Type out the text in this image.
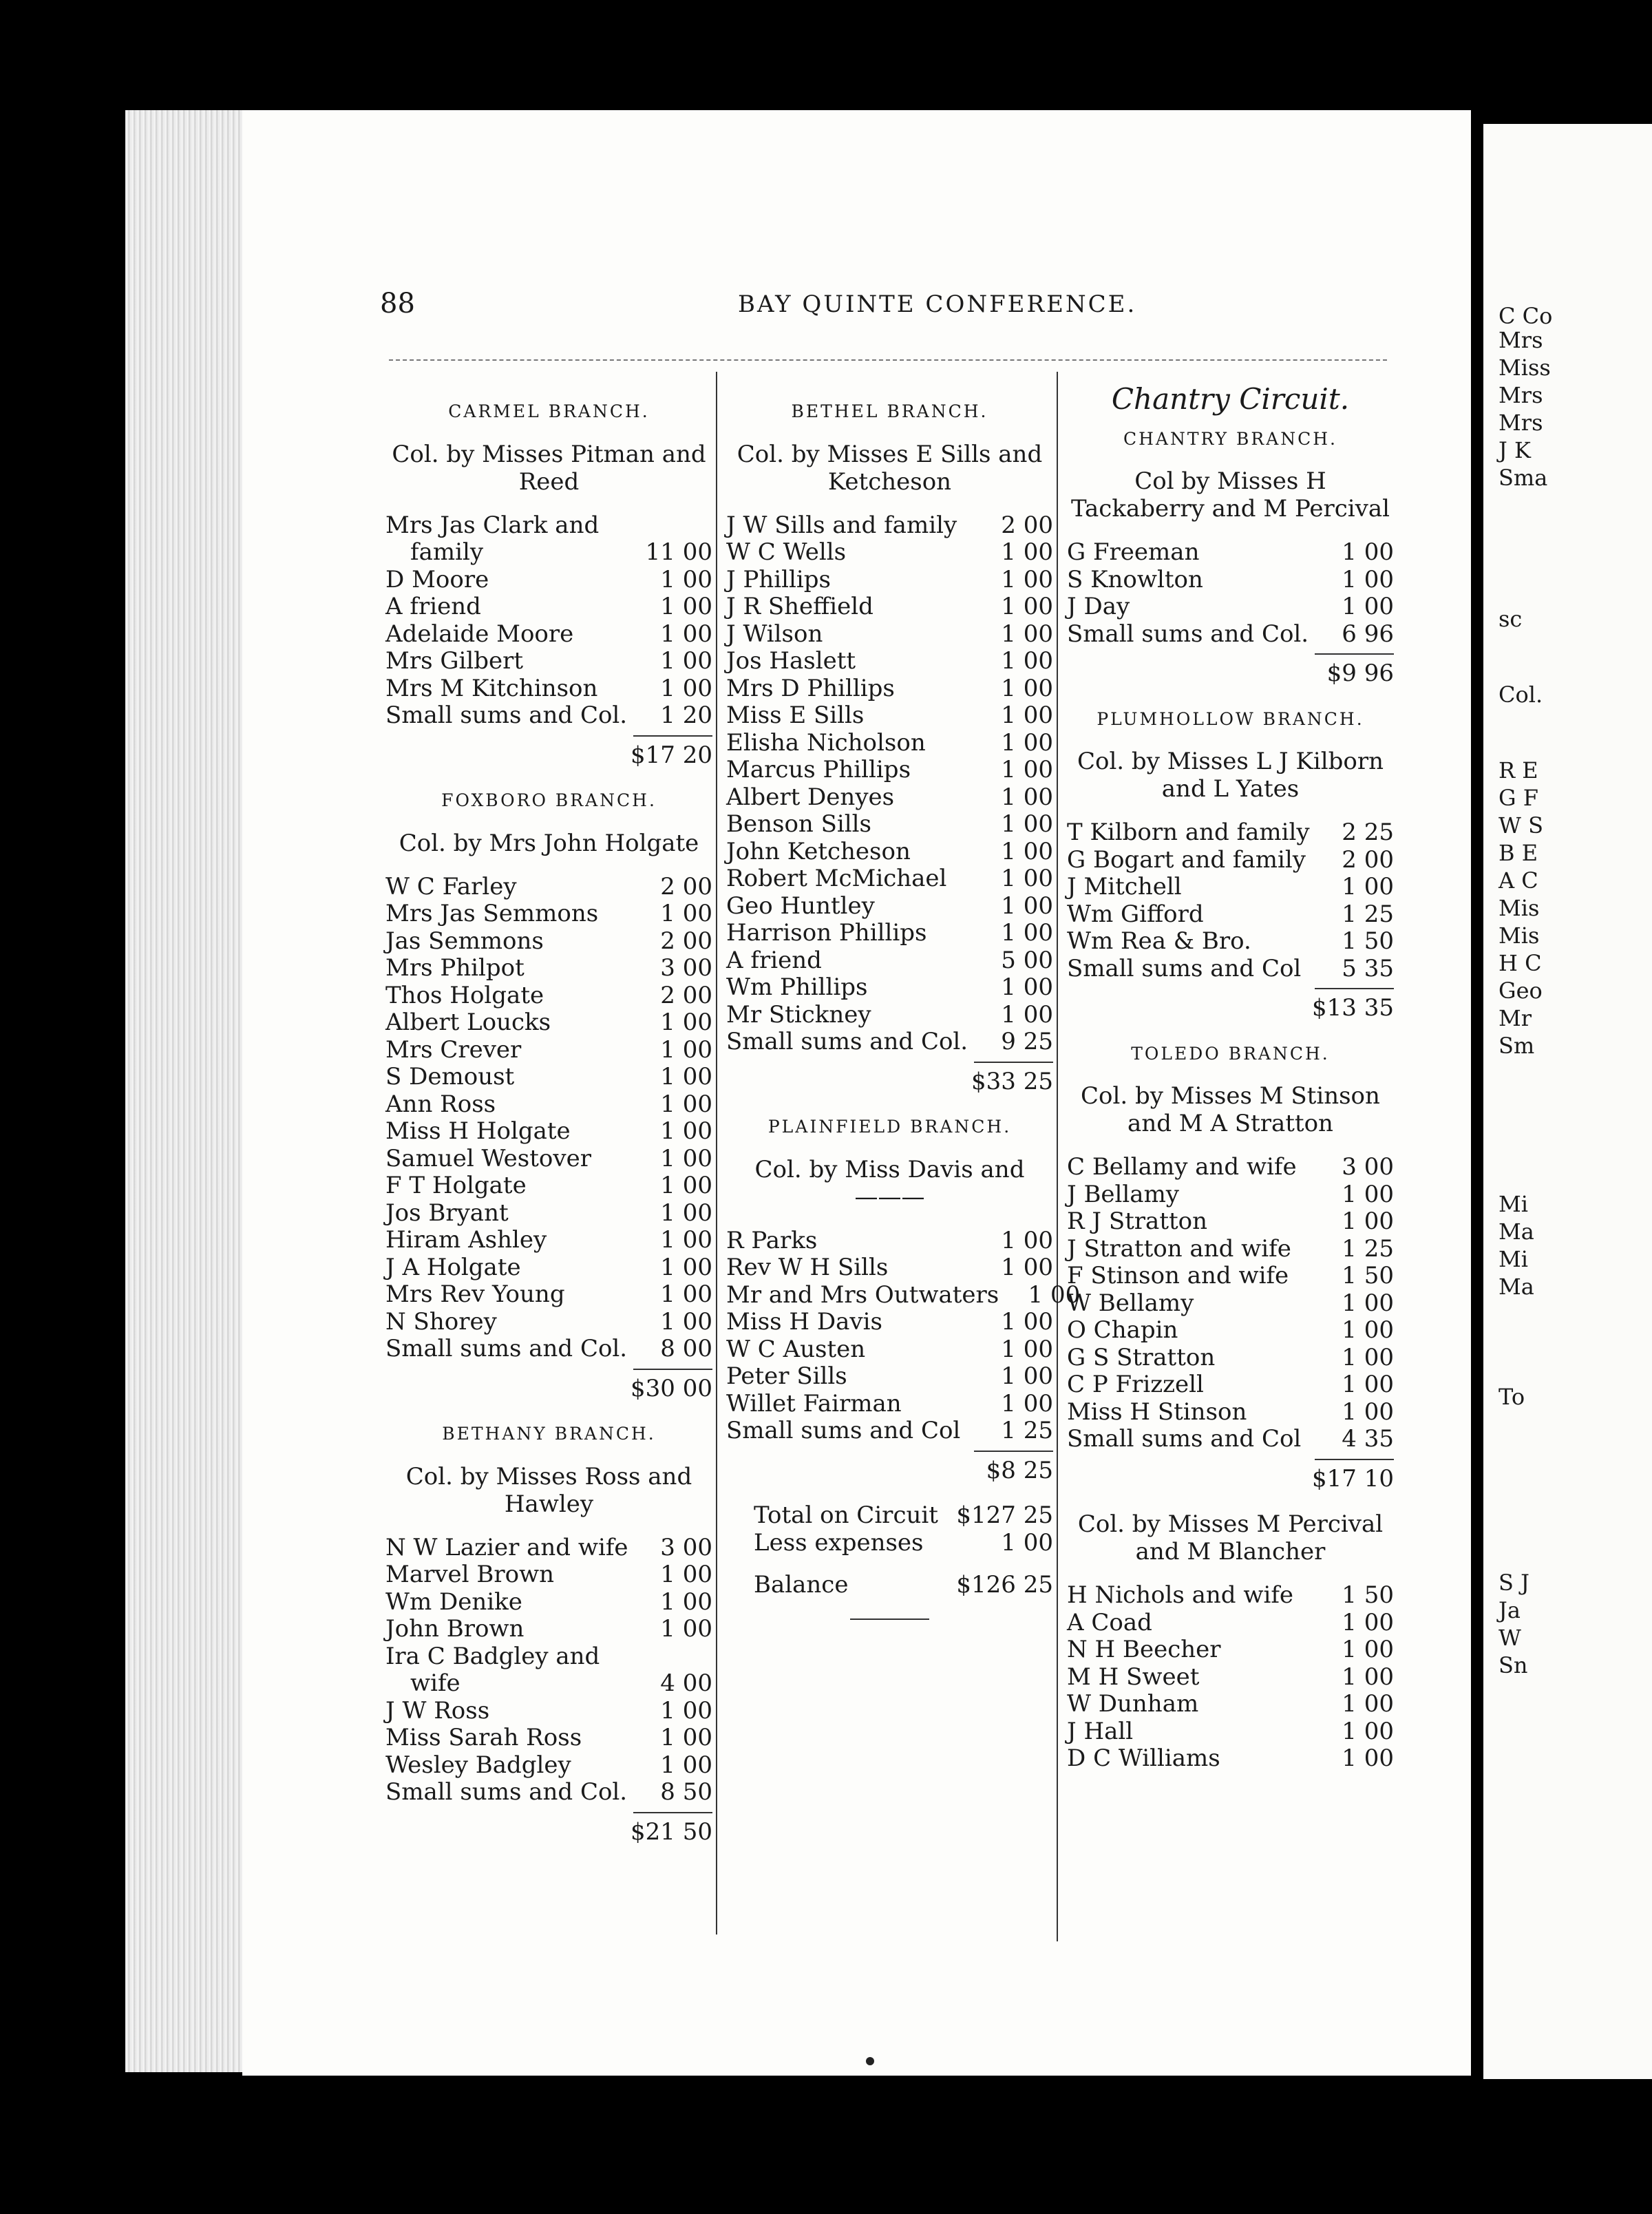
C Co
Mrs
Miss
Mrs
Mrs
J K
Sma
sc
Col.
R E
G F
W S
B E
A C
Mis
Mis
H C
Geo
Mr
Sm
Mi
Ma
Mi
Ma
To
S J
Ja
W
Sn
88	BAY QUINTE CONFERENCE.
CARMEL BRANCH.
Col. by Misses Pitman and Reed
Mrs Jas Clark and
family	11 00
D Moore	1 00
A friend	1 00
Adelaide Moore	1 00
Mrs Gilbert	1 00
Mrs M Kitchinson	1 00
Small sums and Col.	1 20
$17 20
FOXBORO BRANCH.
Col. by Mrs John Holgate
W C Farley	2 00
Mrs Jas Semmons	1 00
Jas Semmons	2 00
Mrs Philpot	3 00
Thos Holgate	2 00
Albert Loucks	1 00
Mrs Crever	1 00
S Demoust	1 00
Ann Ross	1 00
Miss H Holgate	1 00
Samuel Westover	1 00
F T Holgate	1 00
Jos Bryant	1 00
Hiram Ashley	1 00
J A Holgate	1 00
Mrs Rev Young	1 00
N Shorey	1 00
Small sums and Col.	8 00
$30 00
BETHANY BRANCH.
Col. by Misses Ross and Hawley
N W Lazier and wife	3 00
Marvel Brown	1 00
Wm Denike	1 00
John Brown	1 00
Ira C Badgley and
wife	4 00
J W Ross	1 00
Miss Sarah Ross	1 00
Wesley Badgley	1 00
Small sums and Col.	8 50
$21 50
BETHEL BRANCH.
Col. by Misses E Sills and Ketcheson
J W Sills and family	2 00
W C Wells	1 00
J Phillips	1 00
J R Sheffield	1 00
J Wilson	1 00
Jos Haslett	1 00
Mrs D Phillips	1 00
Miss E Sills	1 00
Elisha Nicholson	1 00
Marcus Phillips	1 00
Albert Denyes	1 00
Benson Sills	1 00
John Ketcheson	1 00
Robert McMichael	1 00
Geo Huntley	1 00
Harrison Phillips	1 00
A friend	5 00
Wm Phillips	1 00
Mr Stickney	1 00
Small sums and Col.	9 25
$33 25
PLAINFIELD BRANCH.
Col. by Miss Davis and ———
R Parks	1 00
Rev W H Sills	1 00
Mr and Mrs Outwaters	1 00
Miss H Davis	1 00
W C Austen	1 00
Peter Sills	1 00
Willet Fairman	1 00
Small sums and Col	1 25
$8 25
Total on Circuit $127 25
Less expenses	1 00
Balance	$126 25
Chantry Circuit.
CHANTRY BRANCH.
Col by Misses H Tackaberry and M Percival
G Freeman	1 00
S Knowlton	1 00
J Day	1 00
Small sums and Col.	6 96
$9 96
PLUMHOLLOW BRANCH.
Col. by Misses L J Kilborn and L Yates
T Kilborn and family	2 25
G Bogart and family	2 00
J Mitchell	1 00
Wm Gifford	1 25
Wm Rea & Bro.	1 50
Small sums and Col	5 35
$13 35
TOLEDO BRANCH.
Col. by Misses M Stinson and M A Stratton
C Bellamy and wife	3 00
J Bellamy	1 00
R J Stratton	1 00
J Stratton and wife	1 25
F Stinson and wife	1 50
W Bellamy	1 00
O Chapin	1 00
G S Stratton	1 00
C P Frizzell	1 00
Miss H Stinson	1 00
Small sums and Col	4 35
$17 10
Col. by Misses M Percival and M Blancher
H Nichols and wife	1 50
A Coad	1 00
N H Beecher	1 00
M H Sweet	1 00
W Dunham	1 00
J Hall	1 00
D C Williams	1 00
